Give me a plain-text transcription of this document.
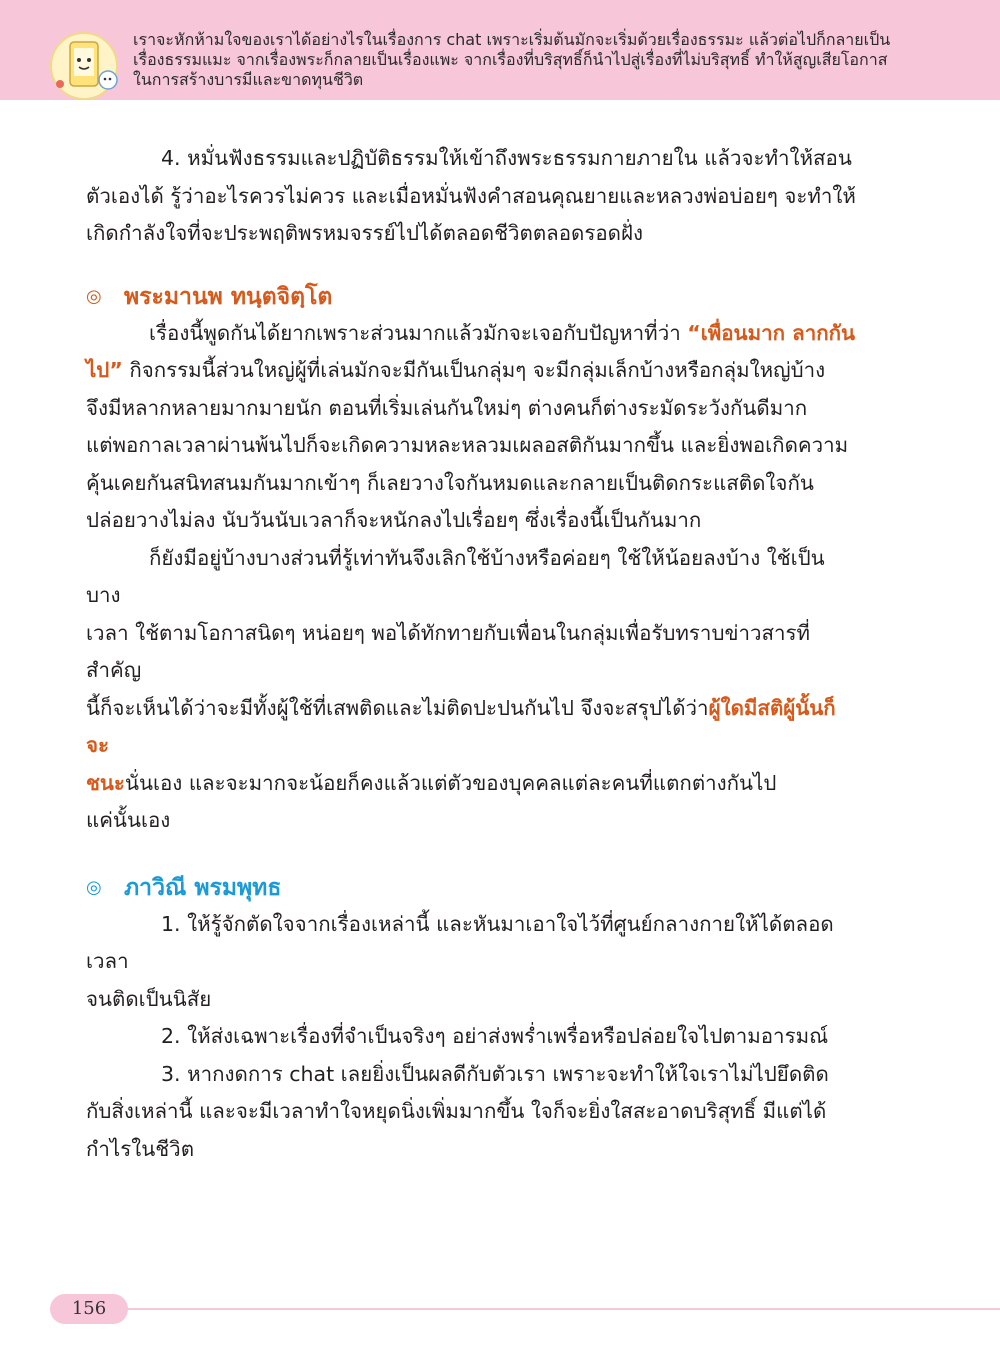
เราจะหักห้ามใจของเราได้อย่างไรในเรื่องการ chat เพราะเริ่มต้นมักจะเริ่มด้วยเรื่องธรรมะ แล้วต่อไปก็กลายเป็น
เรื่องธรรมแมะ จากเรื่องพระก็กลายเป็นเรื่องแพะ จากเรื่องที่บริสุทธิ์ก็นำไปสู่เรื่องที่ไม่บริสุทธิ์ ทำให้สูญเสียโอกาส
ในการสร้างบารมีและขาดทุนชีวิต

4. หมั่นฟังธรรมและปฏิบัติธรรมให้เข้าถึงพระธรรมกายภายใน แล้วจะทำให้สอน
ตัวเองได้ รู้ว่าอะไรควรไม่ควร และเมื่อหมั่นฟังคำสอนคุณยายและหลวงพ่อบ่อยๆ จะทำให้
เกิดกำลังใจที่จะประพฤติพรหมจรรย์ไปได้ตลอดชีวิตตลอดรอดฝั่ง

◎ พระมานพ ทนฺตจิตฺโต

เรื่องนี้พูดกันได้ยากเพราะส่วนมากแล้วมักจะเจอกับปัญหาที่ว่า “เพื่อนมาก ลากกัน
ไป” กิจกรรมนี้ส่วนใหญ่ผู้ที่เล่นมักจะมีกันเป็นกลุ่มๆ จะมีกลุ่มเล็กบ้างหรือกลุ่มใหญ่บ้าง
จึงมีหลากหลายมากมายนัก ตอนที่เริ่มเล่นกันใหม่ๆ ต่างคนก็ต่างระมัดระวังกันดีมาก
แต่พอกาลเวลาผ่านพ้นไปก็จะเกิดความหละหลวมเผลอสติกันมากขึ้น และยิ่งพอเกิดความ
คุ้นเคยกันสนิทสนมกันมากเข้าๆ ก็เลยวางใจกันหมดและกลายเป็นติดกระแสติดใจกัน
ปล่อยวางไม่ลง นับวันนับเวลาก็จะหนักลงไปเรื่อยๆ ซึ่งเรื่องนี้เป็นกันมาก

ก็ยังมีอยู่บ้างบางส่วนที่รู้เท่าทันจึงเลิกใช้บ้างหรือค่อยๆ ใช้ให้น้อยลงบ้าง ใช้เป็นบาง
เวลา ใช้ตามโอกาสนิดๆ หน่อยๆ พอได้ทักทายกับเพื่อนในกลุ่มเพื่อรับทราบข่าวสารที่สำคัญ
นี้ก็จะเห็นได้ว่าจะมีทั้งผู้ใช้ที่เสพติดและไม่ติดปะปนกันไป จึงจะสรุปได้ว่าผู้ใดมีสติผู้นั้นก็จะ
ชนะนั่นเอง และจะมากจะน้อยก็คงแล้วแต่ตัวของบุคคลแต่ละคนที่แตกต่างกันไป
แค่นั้นเอง

◎ ภาวิณี พรมพุทธ

1. ให้รู้จักตัดใจจากเรื่องเหล่านี้ และหันมาเอาใจไว้ที่ศูนย์กลางกายให้ได้ตลอดเวลา
จนติดเป็นนิสัย

2. ให้ส่งเฉพาะเรื่องที่จำเป็นจริงๆ อย่าส่งพร่ำเพรื่อหรือปล่อยใจไปตามอารมณ์

3. หากงดการ chat เลยยิ่งเป็นผลดีกับตัวเรา เพราะจะทำให้ใจเราไม่ไปยึดติด
กับสิ่งเหล่านี้ และจะมีเวลาทำใจหยุดนิ่งเพิ่มมากขึ้น ใจก็จะยิ่งใสสะอาดบริสุทธิ์ มีแต่ได้
กำไรในชีวิต

156
